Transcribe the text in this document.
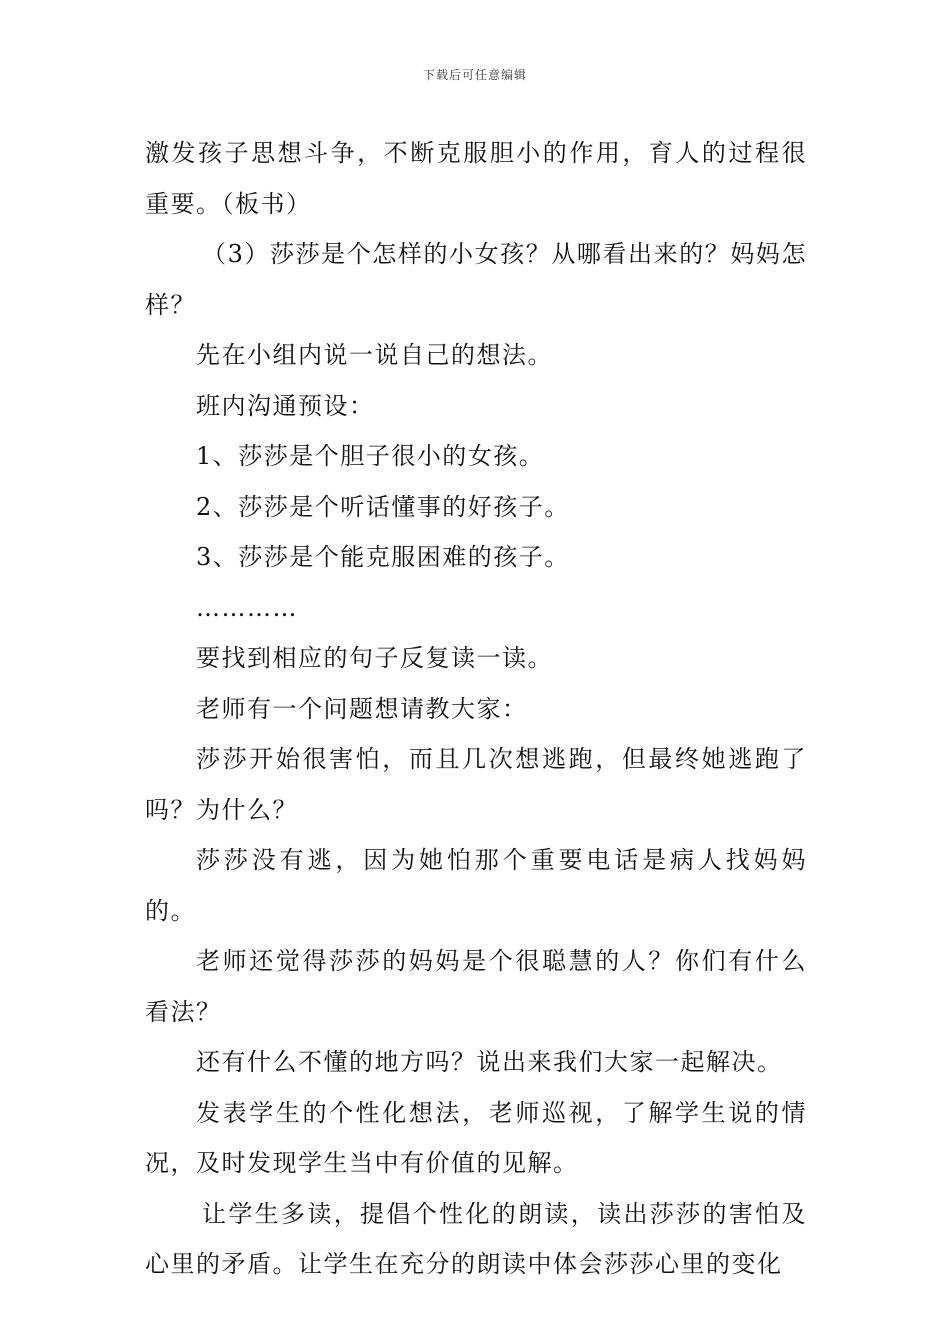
下载后可任意编辑

激发孩子思想斗争，不断克服胆小的作用，育人的过程很重要。（板书）

（3）莎莎是个怎样的小女孩？从哪看出来的？妈妈怎样？

先在小组内说一说自己的想法。

班内沟通预设：

1、莎莎是个胆子很小的女孩。

2、莎莎是个听话懂事的好孩子。

3、莎莎是个能克服困难的孩子。

…………

要找到相应的句子反复读一读。

老师有一个问题想请教大家：

莎莎开始很害怕，而且几次想逃跑，但最终她逃跑了吗？为什么？

莎莎没有逃，因为她怕那个重要电话是病人找妈妈的。

老师还觉得莎莎的妈妈是个很聪慧的人？你们有什么看法？

还有什么不懂的地方吗？说出来我们大家一起解决。

发表学生的个性化想法，老师巡视，了解学生说的情况，及时发现学生当中有价值的见解。

让学生多读，提倡个性化的朗读，读出莎莎的害怕及心里的矛盾。让学生在充分的朗读中体会莎莎心里的变化
